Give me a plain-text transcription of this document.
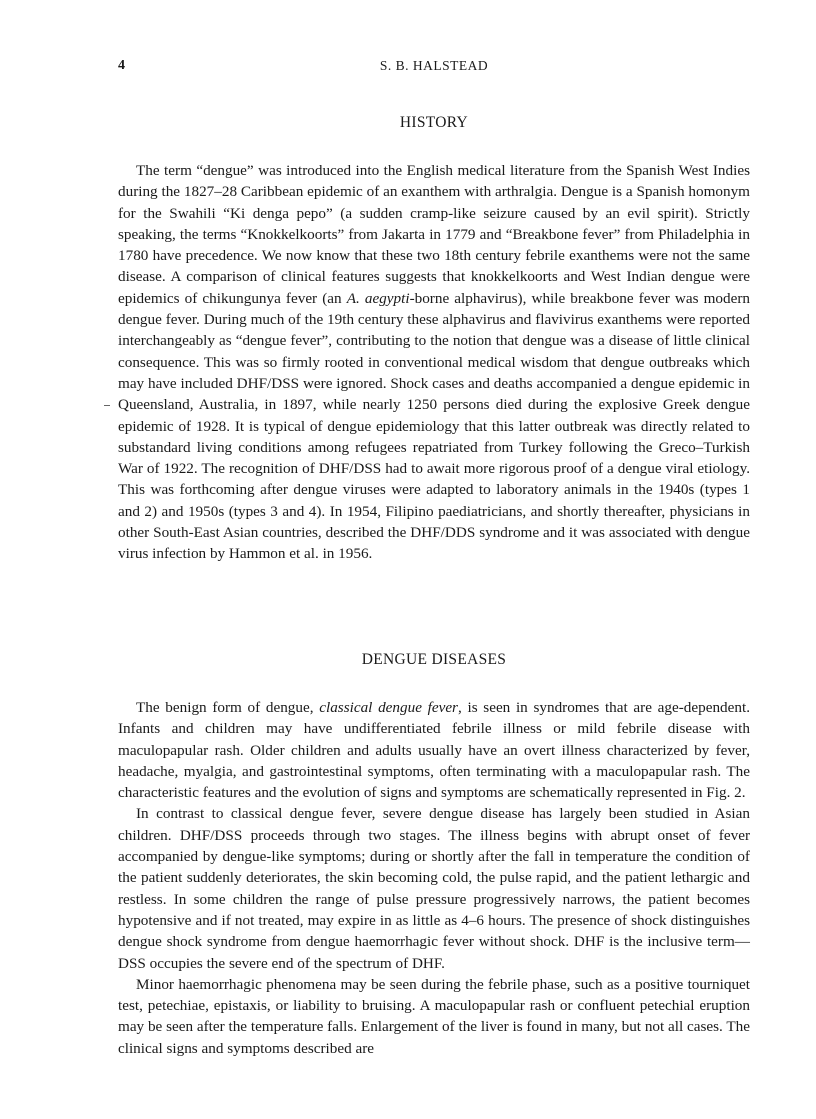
4	S. B. HALSTEAD
HISTORY

The term “dengue” was introduced into the English medical literature from the Spanish West Indies during the 1827–28 Caribbean epidemic of an exanthem with arthralgia. Dengue is a Spanish homonym for the Swahili “Ki denga pepo” (a sudden cramp-like seizure caused by an evil spirit). Strictly speaking, the terms “Knokkelkoorts” from Jakarta in 1779 and “Breakbone fever” from Philadelphia in 1780 have precedence. We now know that these two 18th century febrile exanthems were not the same disease. A comparison of clinical features suggests that knokkelkoorts and West Indian dengue were epidemics of chikungunya fever (an A. aegypti-borne alphavirus), while breakbone fever was modern dengue fever. During much of the 19th century these alphavirus and flavivirus exanthems were reported interchangeably as “dengue fever”, contributing to the notion that dengue was a disease of little clinical consequence. This was so firmly rooted in conventional medical wisdom that dengue outbreaks which may have included DHF/DSS were ignored. Shock cases and deaths accompanied a dengue epidemic in Queensland, Australia, in 1897, while nearly 1250 persons died during the explosive Greek dengue epidemic of 1928. It is typical of dengue epidemiology that this latter outbreak was directly related to substandard living conditions among refugees repatriated from Turkey following the Greco–Turkish War of 1922. The recognition of DHF/DSS had to await more rigorous proof of a dengue viral etiology. This was forthcoming after dengue viruses were adapted to laboratory animals in the 1940s (types 1 and 2) and 1950s (types 3 and 4). In 1954, Filipino paediatricians, and shortly thereafter, physicians in other South-East Asian countries, described the DHF/DDS syndrome and it was associated with dengue virus infection by Hammon et al. in 1956.

DENGUE DISEASES

The benign form of dengue, classical dengue fever, is seen in syndromes that are age-dependent. Infants and children may have undifferentiated febrile illness or mild febrile disease with maculopapular rash. Older children and adults usually have an overt illness characterized by fever, headache, myalgia, and gastrointestinal symptoms, often terminating with a maculopapular rash. The characteristic features and the evolution of signs and symptoms are schematically represented in Fig. 2.

In contrast to classical dengue fever, severe dengue disease has largely been studied in Asian children. DHF/DSS proceeds through two stages. The illness begins with abrupt onset of fever accompanied by dengue-like symptoms; during or shortly after the fall in temperature the condition of the patient suddenly deteriorates, the skin becoming cold, the pulse rapid, and the patient lethargic and restless. In some children the range of pulse pressure progressively narrows, the patient becomes hypotensive and if not treated, may expire in as little as 4–6 hours. The presence of shock distinguishes dengue shock syndrome from dengue haemorrhagic fever without shock. DHF is the inclusive term—DSS occupies the severe end of the spectrum of DHF.

Minor haemorrhagic phenomena may be seen during the febrile phase, such as a positive tourniquet test, petechiae, epistaxis, or liability to bruising. A maculopapular rash or confluent petechial eruption may be seen after the temperature falls. Enlargement of the liver is found in many, but not all cases. The clinical signs and symptoms described are
